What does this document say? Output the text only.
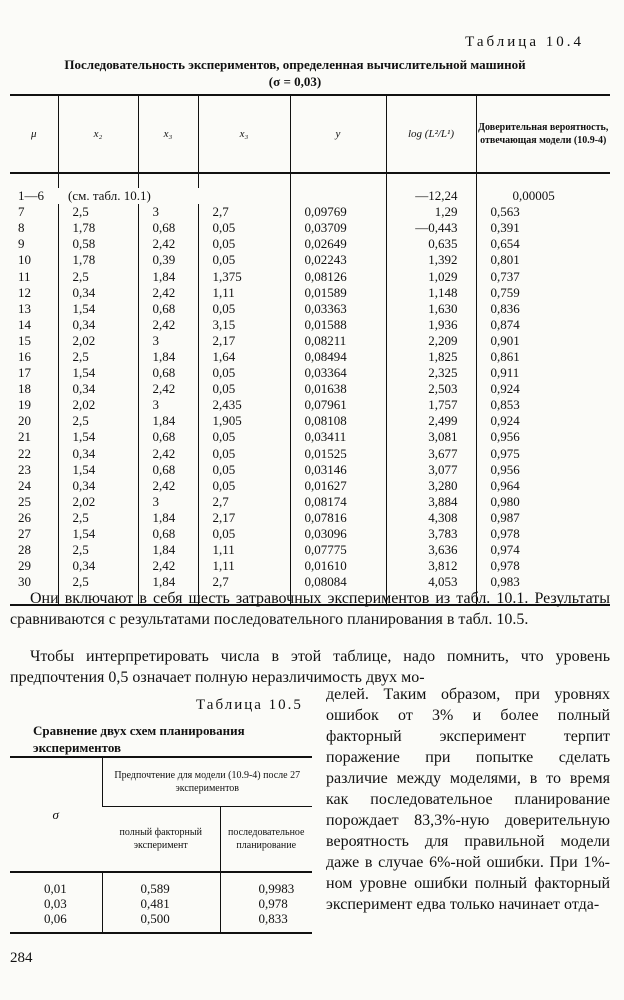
Таблица 10.4
Последовательность экспериментов, определенная вычислительной машиной (σ = 0,03)
μ	x₂	x₃	x₃	y	log (L²/L¹)	Доверительная вероятность, отвечающая модели (10.9-4)

1—6	(см. табл. 10.1)				—12,24	0,00005
7	2,5	3	2,7	0,09769	1,29	0,563
8	1,78	0,68	0,05	0,03709	—0,443	0,391
9	0,58	2,42	0,05	0,02649	0,635	0,654
10	1,78	0,39	0,05	0,02243	1,392	0,801
11	2,5	1,84	1,375	0,08126	1,029	0,737
12	0,34	2,42	1,11	0,01589	1,148	0,759
13	1,54	0,68	0,05	0,03363	1,630	0,836
14	0,34	2,42	3,15	0,01588	1,936	0,874
15	2,02	3	2,17	0,08211	2,209	0,901
16	2,5	1,84	1,64	0,08494	1,825	0,861
17	1,54	0,68	0,05	0,03364	2,325	0,911
18	0,34	2,42	0,05	0,01638	2,503	0,924
19	2,02	3	2,435	0,07961	1,757	0,853
20	2,5	1,84	1,905	0,08108	2,499	0,924
21	1,54	0,68	0,05	0,03411	3,081	0,956
22	0,34	2,42	0,05	0,01525	3,677	0,975
23	1,54	0,68	0,05	0,03146	3,077	0,956
24	0,34	2,42	0,05	0,01627	3,280	0,964
25	2,02	3	2,7	0,08174	3,884	0,980
26	2,5	1,84	2,17	0,07816	4,308	0,987
27	1,54	0,68	0,05	0,03096	3,783	0,978
28	2,5	1,84	1,11	0,07775	3,636	0,974
29	0,34	2,42	1,11	0,01610	3,812	0,978
30	2,5	1,84	2,7	0,08084	4,053	0,983
Они включают в себя шесть затравочных экспериментов из табл. 10.1. Результаты сравниваются с результатами последовательного планирования в табл. 10.5.
Чтобы интерпретировать числа в этой таблице, надо помнить, что уровень предпочтения 0,5 означает полную неразличимость двух мо-
делей. Таким образом, при уровнях ошибок от 3% и более полный факторный эксперимент терпит поражение при попытке сделать различие между моделями, в то время как последовательное планирование порождает 83,3%-ную доверительную вероятность для правильной модели даже в случае 6%-ной ошибки. При 1%-ном уровне ошибки полный факторный эксперимент едва только начинает отда-
Таблица 10.5
Сравнение двух схем планирования экспериментов
σ	Предпочтение для модели (10.9-4) после 27 экспериментов	
	полный факторный эксперимент	последовательное планирование
0,01	0,589	0,9983
0,03	0,481	0,978
0,06	0,500	0,833
284
